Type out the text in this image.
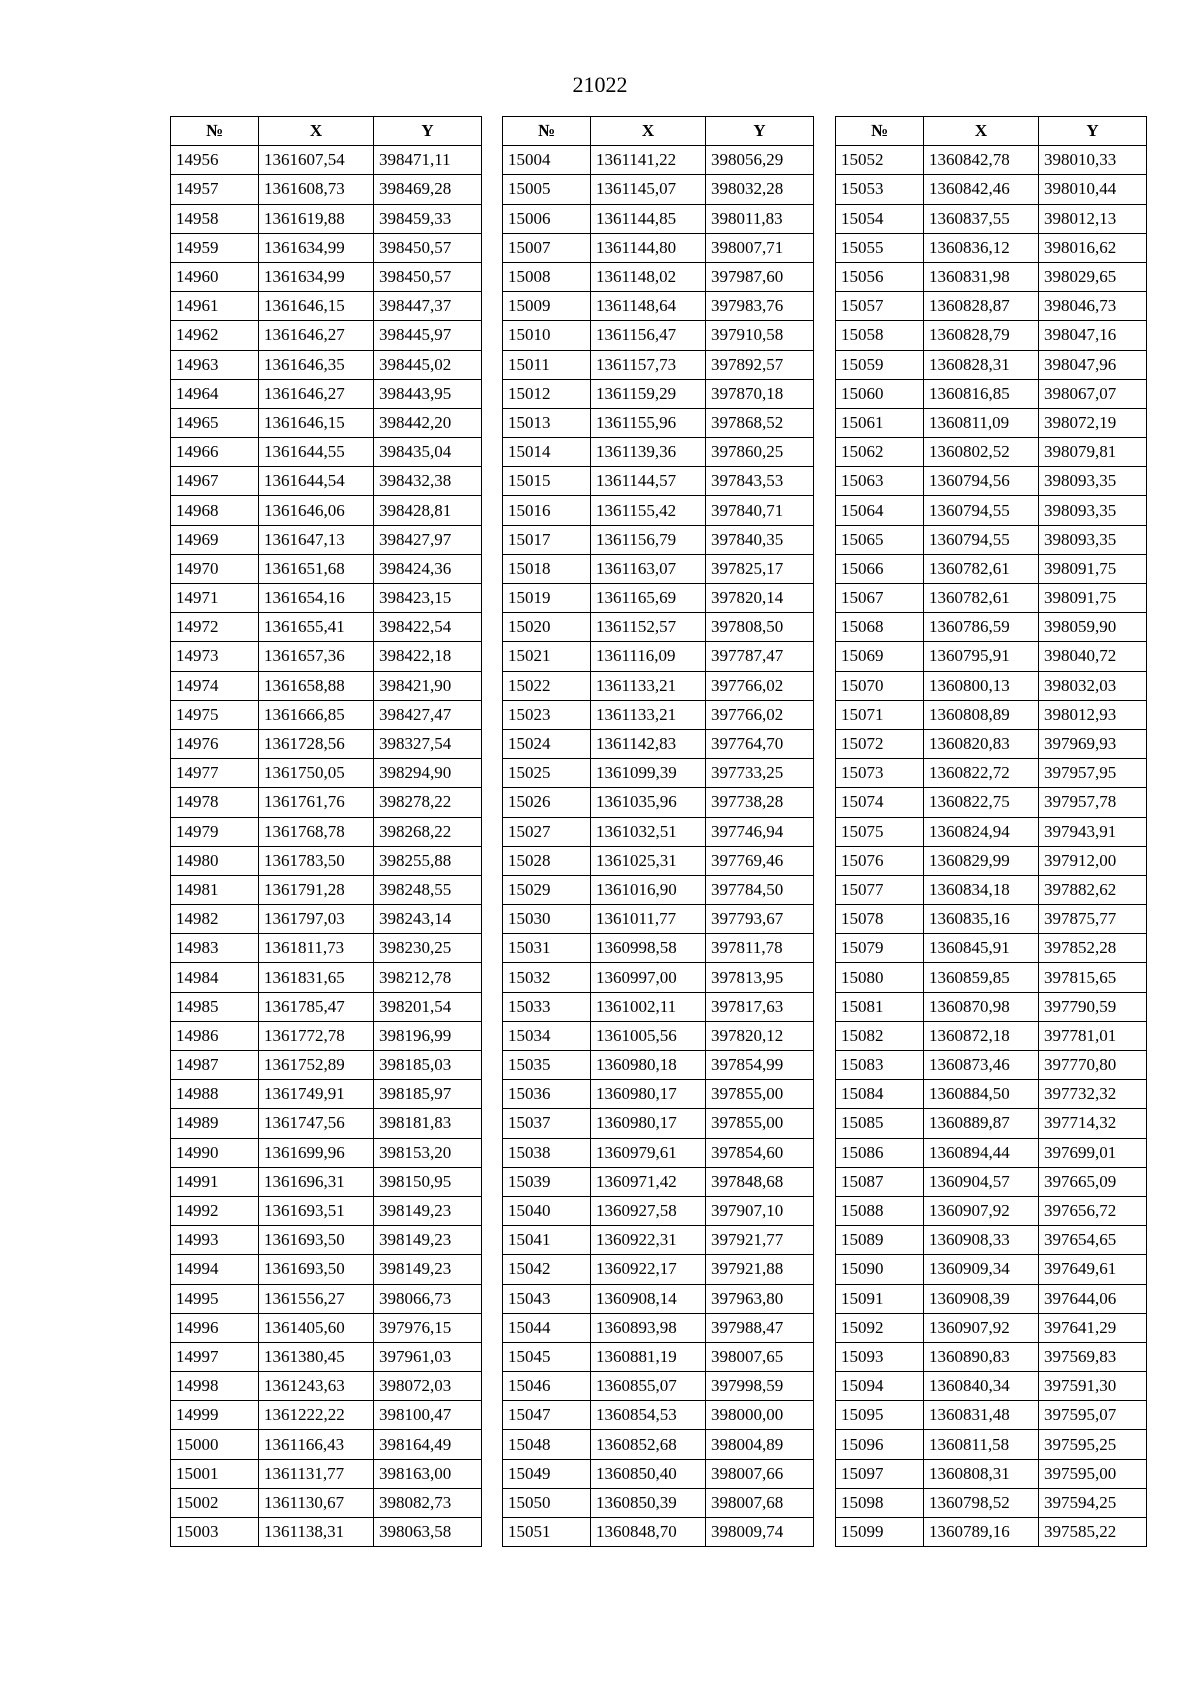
21022
№	X	Y
14956	1361607,54	398471,11
14957	1361608,73	398469,28
14958	1361619,88	398459,33
14959	1361634,99	398450,57
14960	1361634,99	398450,57
14961	1361646,15	398447,37
14962	1361646,27	398445,97
14963	1361646,35	398445,02
14964	1361646,27	398443,95
14965	1361646,15	398442,20
14966	1361644,55	398435,04
14967	1361644,54	398432,38
14968	1361646,06	398428,81
14969	1361647,13	398427,97
14970	1361651,68	398424,36
14971	1361654,16	398423,15
14972	1361655,41	398422,54
14973	1361657,36	398422,18
14974	1361658,88	398421,90
14975	1361666,85	398427,47
14976	1361728,56	398327,54
14977	1361750,05	398294,90
14978	1361761,76	398278,22
14979	1361768,78	398268,22
14980	1361783,50	398255,88
14981	1361791,28	398248,55
14982	1361797,03	398243,14
14983	1361811,73	398230,25
14984	1361831,65	398212,78
14985	1361785,47	398201,54
14986	1361772,78	398196,99
14987	1361752,89	398185,03
14988	1361749,91	398185,97
14989	1361747,56	398181,83
14990	1361699,96	398153,20
14991	1361696,31	398150,95
14992	1361693,51	398149,23
14993	1361693,50	398149,23
14994	1361693,50	398149,23
14995	1361556,27	398066,73
14996	1361405,60	397976,15
14997	1361380,45	397961,03
14998	1361243,63	398072,03
14999	1361222,22	398100,47
15000	1361166,43	398164,49
15001	1361131,77	398163,00
15002	1361130,67	398082,73
15003	1361138,31	398063,58
№	X	Y
15004	1361141,22	398056,29
15005	1361145,07	398032,28
15006	1361144,85	398011,83
15007	1361144,80	398007,71
15008	1361148,02	397987,60
15009	1361148,64	397983,76
15010	1361156,47	397910,58
15011	1361157,73	397892,57
15012	1361159,29	397870,18
15013	1361155,96	397868,52
15014	1361139,36	397860,25
15015	1361144,57	397843,53
15016	1361155,42	397840,71
15017	1361156,79	397840,35
15018	1361163,07	397825,17
15019	1361165,69	397820,14
15020	1361152,57	397808,50
15021	1361116,09	397787,47
15022	1361133,21	397766,02
15023	1361133,21	397766,02
15024	1361142,83	397764,70
15025	1361099,39	397733,25
15026	1361035,96	397738,28
15027	1361032,51	397746,94
15028	1361025,31	397769,46
15029	1361016,90	397784,50
15030	1361011,77	397793,67
15031	1360998,58	397811,78
15032	1360997,00	397813,95
15033	1361002,11	397817,63
15034	1361005,56	397820,12
15035	1360980,18	397854,99
15036	1360980,17	397855,00
15037	1360980,17	397855,00
15038	1360979,61	397854,60
15039	1360971,42	397848,68
15040	1360927,58	397907,10
15041	1360922,31	397921,77
15042	1360922,17	397921,88
15043	1360908,14	397963,80
15044	1360893,98	397988,47
15045	1360881,19	398007,65
15046	1360855,07	397998,59
15047	1360854,53	398000,00
15048	1360852,68	398004,89
15049	1360850,40	398007,66
15050	1360850,39	398007,68
15051	1360848,70	398009,74
№	X	Y
15052	1360842,78	398010,33
15053	1360842,46	398010,44
15054	1360837,55	398012,13
15055	1360836,12	398016,62
15056	1360831,98	398029,65
15057	1360828,87	398046,73
15058	1360828,79	398047,16
15059	1360828,31	398047,96
15060	1360816,85	398067,07
15061	1360811,09	398072,19
15062	1360802,52	398079,81
15063	1360794,56	398093,35
15064	1360794,55	398093,35
15065	1360794,55	398093,35
15066	1360782,61	398091,75
15067	1360782,61	398091,75
15068	1360786,59	398059,90
15069	1360795,91	398040,72
15070	1360800,13	398032,03
15071	1360808,89	398012,93
15072	1360820,83	397969,93
15073	1360822,72	397957,95
15074	1360822,75	397957,78
15075	1360824,94	397943,91
15076	1360829,99	397912,00
15077	1360834,18	397882,62
15078	1360835,16	397875,77
15079	1360845,91	397852,28
15080	1360859,85	397815,65
15081	1360870,98	397790,59
15082	1360872,18	397781,01
15083	1360873,46	397770,80
15084	1360884,50	397732,32
15085	1360889,87	397714,32
15086	1360894,44	397699,01
15087	1360904,57	397665,09
15088	1360907,92	397656,72
15089	1360908,33	397654,65
15090	1360909,34	397649,61
15091	1360908,39	397644,06
15092	1360907,92	397641,29
15093	1360890,83	397569,83
15094	1360840,34	397591,30
15095	1360831,48	397595,07
15096	1360811,58	397595,25
15097	1360808,31	397595,00
15098	1360798,52	397594,25
15099	1360789,16	397585,22
